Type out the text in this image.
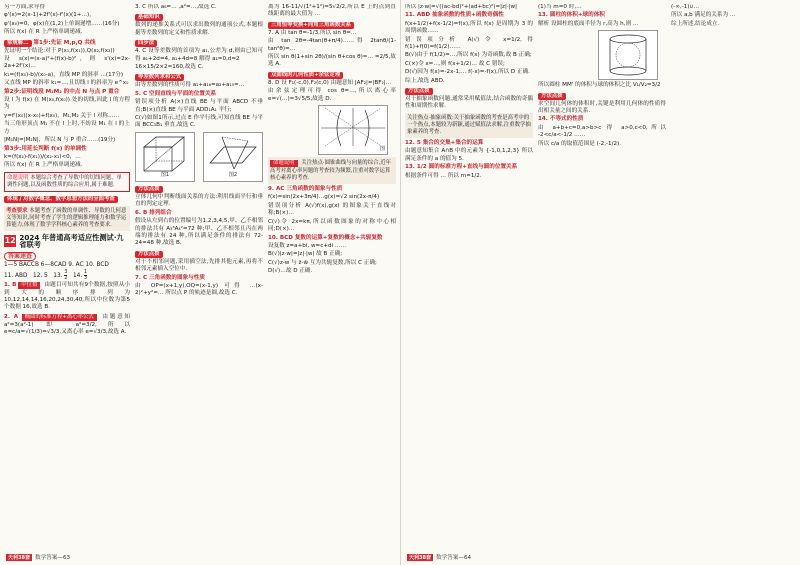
另一方面,求导得

φ'(x)=2(x-1)+2f'(x)-f'(x)(1+…)，

φ'(x₀)=0，φ(x)在(1,2)上单调递增……(16分)

所以 f(x) 在 R 上严格单调递减.

常规解二 第1步:先证 M,p,Q 共线

先证明一个结论:对于 P(x₁,f(x₁)),Q(x₂,f(x₂))

设 s(x)=(x-a)²+(f(x)-b)²，则 s'(x)=2x-2a+2f'(x)…

k₁=(f(x₀)-b)/(x₀-a)，直线 MP 的斜率 …(17分)

又直线 MP 的斜率 k₁=…,且切线 l 的斜率为 e^x₀

第2步:证明线段 M₁M₂ 的中点 N 与点 P 重合

设 l 为 f(x) 在 M(x₀,f(x₀)) 处的切线,因此 l 的方程为

y=f'(x₀)(x-x₀)+f(x₀)，M₁,M₂ 关于 l 对称……

当三角形顶点 M₁ 不在 l 上时,不妨设 M₁ 在 l 的上方

|M₁N|=|M₂N|，所以 N 与 P 重合……(19分)

第3步:用延长判断 f(x) 的单调性

k=(f(x₂)-f(x₁))/(x₂-x₁)<0，…

所以 f(x) 在 R 上严格单调递减.

命题说明 本题综合考查了导数中的切线问题、单调性问题,以及函数性质的综合应用,属于难题.
体现了对数学概念、数学思想方法的全面考查
考查要求 本题考查了函数的单调性、导数的几何意义等知识,同时考查了学生的逻辑推理能力和数学运算能力,体现了数学学科核心素养的考查要求.
12 2024 年普通高考适应性测试·九省联考
答案速查
1—5 BACCB 6—8CAD 9. AC 10. BCD
11. ABD 12. 5 13. $\frac{3}{2} 14$. $\frac{1}{3}$

1. B 中位数 由题目可知共有9个数据,按照从小到大的顺序排列为 10,12,14,14,16,20,24,30,40,所以中位数为第5个数据 16,故选 B.

2. A 椭圆的标准方程+离心率公式 由题意知 a²=3(a²-1) 即 a²=3/2,所以 e=c/a=√(1/3)=√3/3,又离心率 e=√3/3,故选 A.

3. C 所以 a₆=… ,a²=…,故选 C.

基础知识

数列的递推关系式可以求出数列的通项公式,本题根据等差数列的定义和性质求解.

四步法

4. C 设等差数列的首项为 a₁,公差为 d,则由已知可得 a₁+2d=4, a₁+4d=8 解得 a₁=0,d=2

16×15/2×2=160,故选 C.

等差数列求和公式

由等差数列的性质可得 a₁+a₁₆=a₂+a₁₅=…

5. C 空间直线与平面的位置关系

错误项分析 A(×)直线 BE 与平面 ABCD 不垂直;B(×)直线 BE 与平面 ADD₁A₁ 平行;

C(√)如图1所示,过点 E 作平行线,可知直线 BE 与平面 BCC₁B₁ 垂直,故选 C.

图1	图2
方法点拨

立体几何中判断线面关系的方法:利用线面平行和垂直的判定定理.

6. B 排列组合

假设从左到右的位置编号为1,2,3,4,5,甲、乙不相邻的排法共有 A₃³A₄²=72 种;甲、乙不相邻且丙在两端的排法有 24 种,所以满足条件的排法有 72-24=48 种,故选 B.

方法点拨

对于不相邻问题,采用插空法,先排其他元素,再将不相邻元素插入空位中.

7. C 三角函数的图象与性质

由 OP=(x+1,y),OQ=(x-1,y) 可得 …(x-2)²+y²=… 所以点 P 的轨迹是圆,故选 C.

离为 16-11/√(1²+1²)=5√2/2,所以 E 上的点到直线距离的最大值为 …

三角恒等变换+同角三角函数关系

7. A 由 tan θ=-1/3,所以 sin θ=…

由 tan 2θ=-4tan(θ+π/4)……得 2tanθ/(1-tan²θ)=…

所以 sin θ(1+sin 2θ)/(sin θ+cos θ)=… =2/5,故选 A.

双曲线的几何性质+余弦定理

8. D 设 F₁(-c,0),F₂(c,0) 由题意知 |AF₂|=|BF₂|…

由余弦定理可得 cos θ=…,所以离心率 e=√(…)=3√5/5,故选 D.

图
命题说明 关注热点·圆锥曲线与向量的综合,近年高考对离心率问题的考查较为频繁,注重对数学运算核心素养的考查.

9. AC 三角函数的图象与性质

f(x)=sin(2x+3π/4)…g(x)=√2 sin(2x-π/4)

错误项分析 A(√)f(x),g(x) 的图象关于直线对称;B(×)…

C(√)令 2x=kπ,所以函数图象的对称中心相同;D(×)…

10. BCD 复数的运算+复数的概念+共轭复数

设复数 z=a+bi, w=c+di ……

B(√)|z·w|=|z|·|w| 故 B 正确;

C(√)z-w 与 z̄-w̄ 互为共轭复数,所以 C 正确;

D(√)…故 D 正确.

天利38套 数学答案—63

所以 |z·w|=√((ac-bd)²+(ad+bc)²)=|z|·|w|

11. ABD 抽象函数的性质+函数奇偶性

f(x+1/2)+f(x-1/2)=f(x),所以 f(x) 是周期为 3 的周期函数……

错误项分析 A(√)令 x=1/2,得 f(1)+f(0)=f(1/2)……

B(√)由于 f(1/2)=…,所以 f(x) 为奇函数,故 B 正确;

C(×)令 x=…,则 f(x+1/2)… 故 C 错误;

D(√)因为 f(x)=-2x-1,… f(-x)=-f(x),所以 D 正确.

综上,故选 ABD.

方法点拨

对于抽象函数问题,通常采用赋值法,结合函数的奇偶性和周期性求解.

关注热点·抽象函数:关于抽象函数的考查是高考中的一个热点,本题较为新颖,通过赋值法求解,注重数学抽象素养的考查.

12. 5 集合的交集+集合的运算

由题意知集合 A∩B 中的元素为 {-1,0,1,2,3} 所以满足条件的 a 的值为 5.

13. 1/2 圆的标准方程+直线与圆的位置关系

根据条件可得 … 所以 m=1/2.

(1)当 m=0 时,…

13. 圆柱的体积+球的体积

解析 设圆柱的底面半径为 r,高为 h,则 …

所以圆柱 MM' 的体积与球的体积之比 V₁/V₂=3/2

方法点拨

求空间几何体的体积时,关键是利用几何体的性质得出相关量之间的关系.

14. 不等式的性质

由 a+b+c=0,a>b>c 得 a>0,c<0,所以 -2<c/a<-1/2 ……

所以 c/a 的取值范围是 (-2,-1/2).

(-∞,-1)∪…

所以 a,b 满足的关系为 …

综上所述,结论成立.

天利38套 数学答案—64
